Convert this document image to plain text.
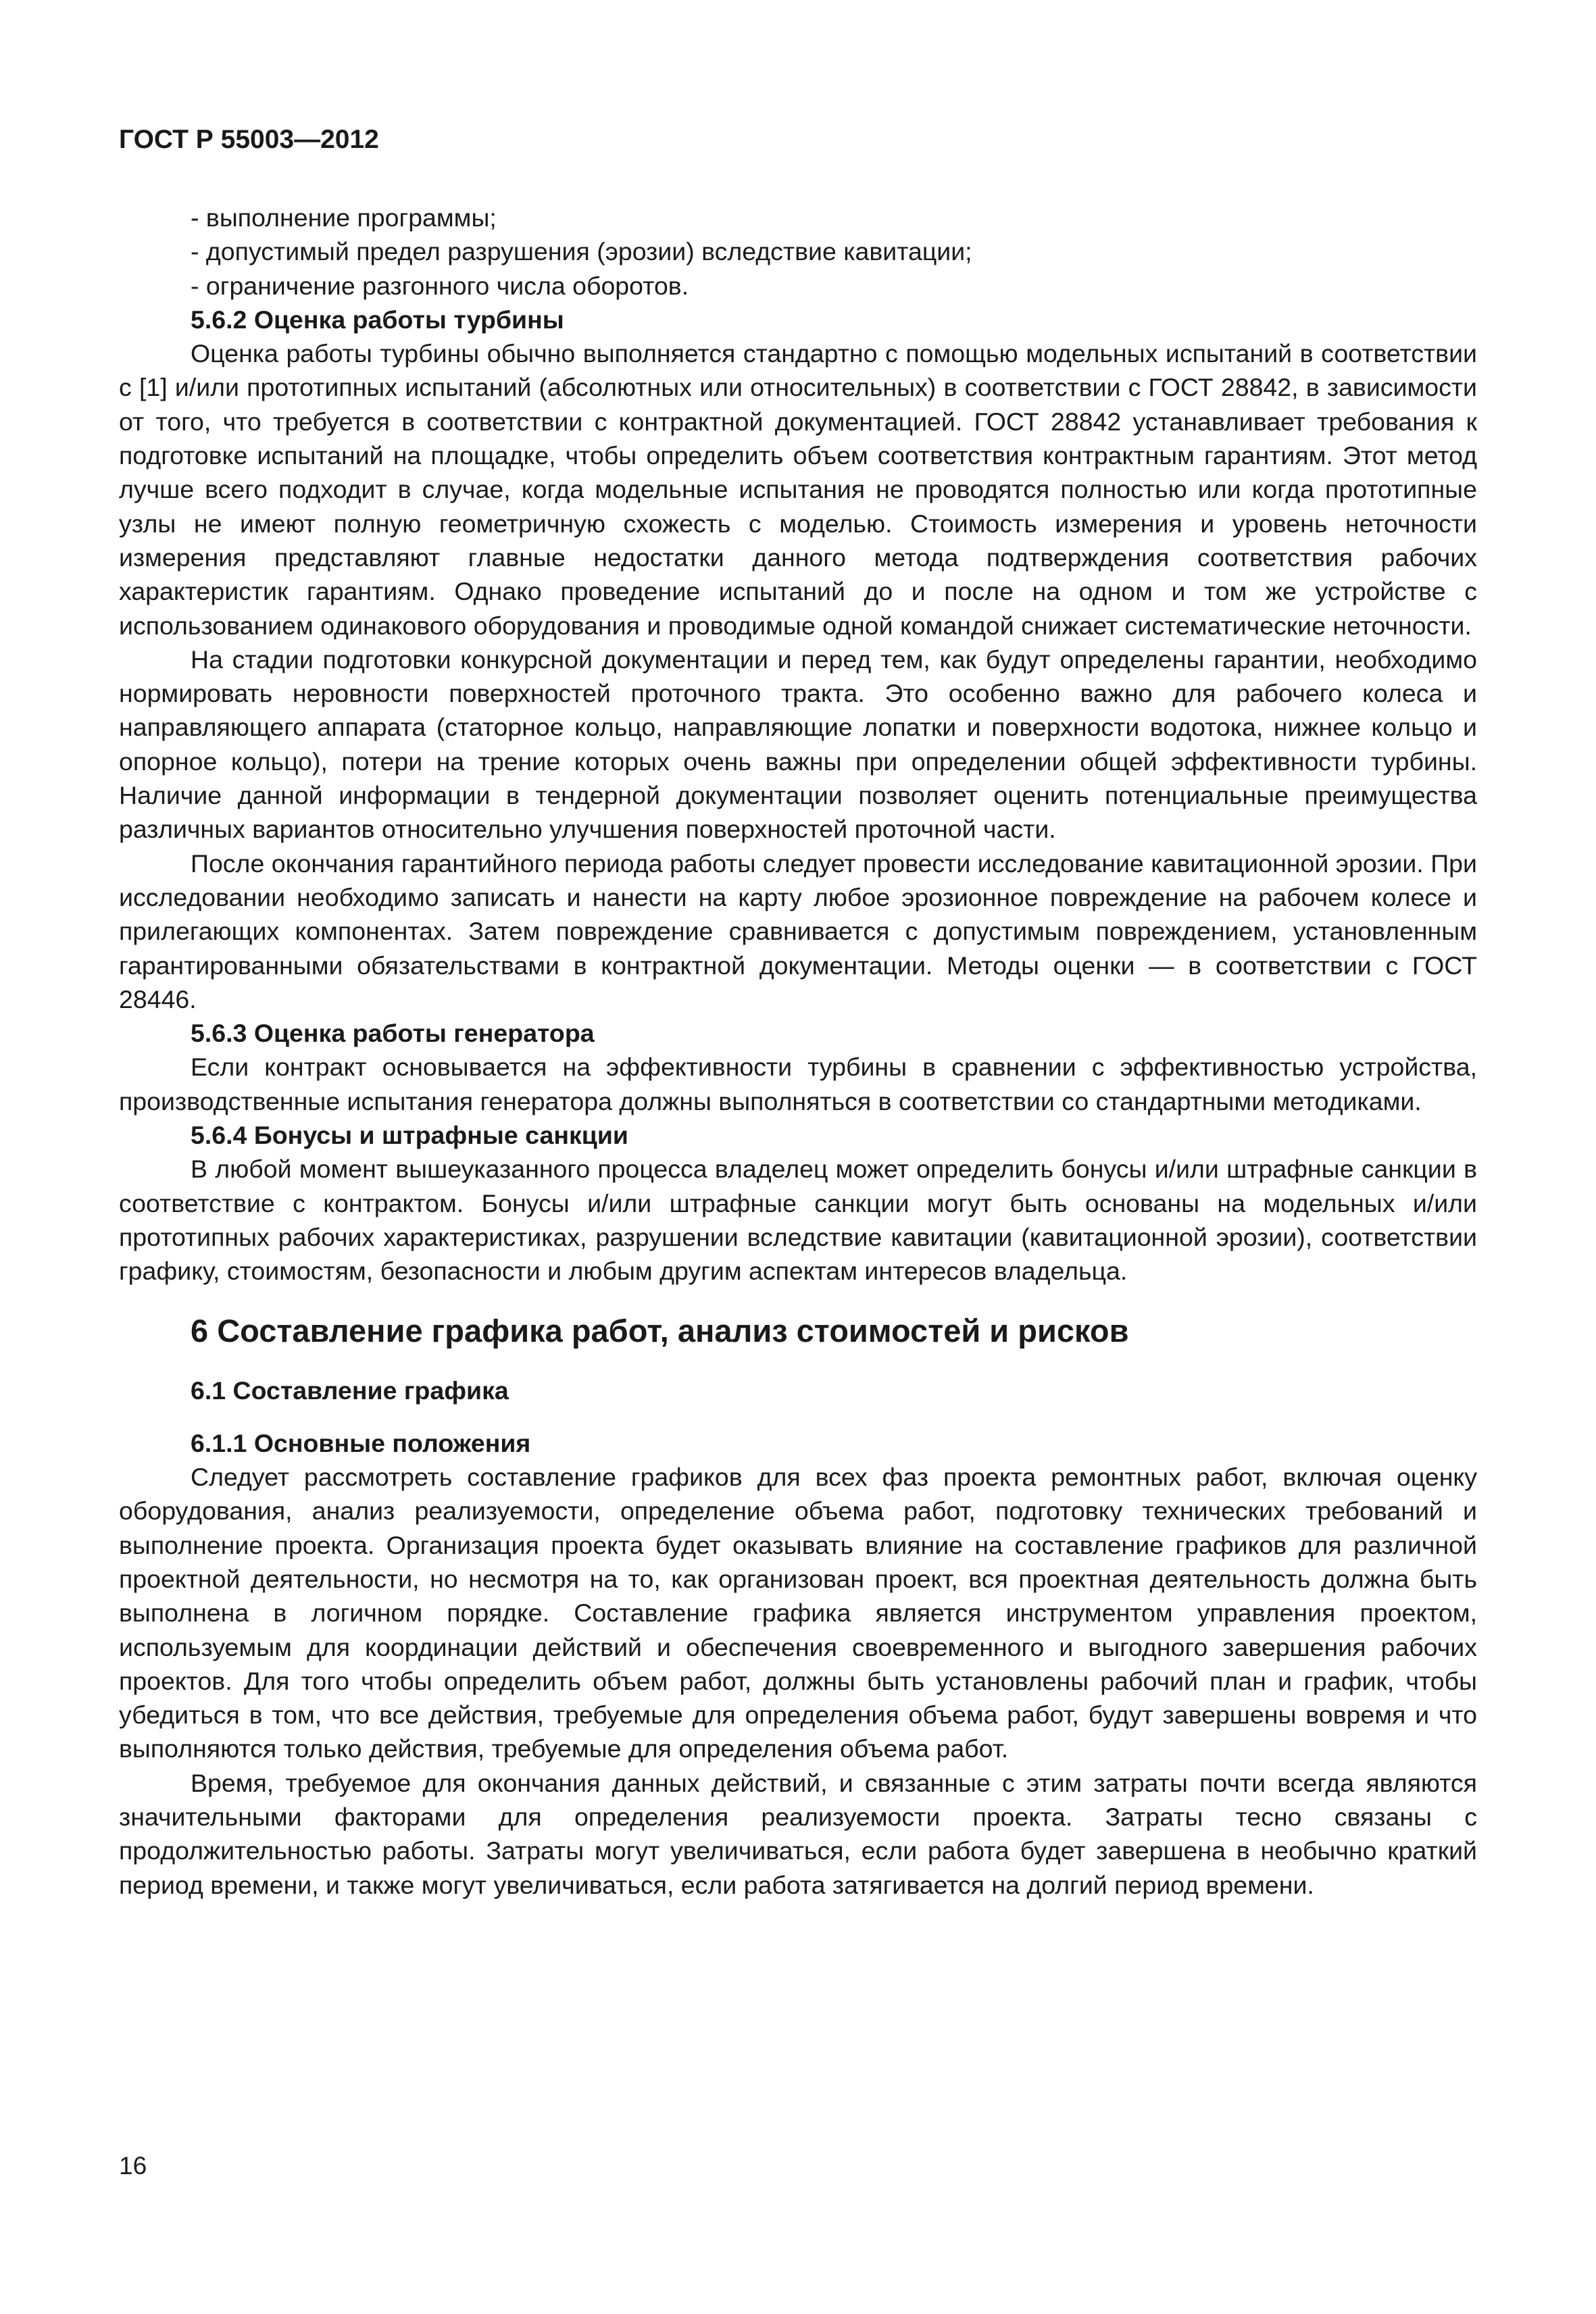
ГОСТ Р 55003—2012

- выполнение программы;

- допустимый предел разрушения (эрозии) вследствие кавитации;

- ограничение разгонного числа оборотов.

5.6.2 Оценка работы турбины

Оценка работы турбины обычно выполняется стандартно с помощью модельных испытаний в соответствии с [1] и/или прототипных испытаний (абсолютных или относительных) в соответствии с ГОСТ 28842, в зависимости от того, что требуется в соответствии с контрактной документацией. ГОСТ 28842 устанавливает требования к подготовке испытаний на площадке, чтобы определить объем соответствия контрактным гарантиям. Этот метод лучше всего подходит в случае, когда модельные испытания не проводятся полностью или когда прототипные узлы не имеют полную геометричную схожесть с моделью. Стоимость измерения и уровень неточности измерения представляют главные недостатки данного метода подтверждения соответствия рабочих характеристик гарантиям. Однако проведение испытаний до и после на одном и том же устройстве с использованием одинакового оборудования и проводимые одной командой снижает систематические неточности.

На стадии подготовки конкурсной документации и перед тем, как будут определены гарантии, необходимо нормировать неровности поверхностей проточного тракта. Это особенно важно для рабочего колеса и направляющего аппарата (статорное кольцо, направляющие лопатки и поверхности водотока, нижнее кольцо и опорное кольцо), потери на трение которых очень важны при определении общей эффективности турбины. Наличие данной информации в тендерной документации позволяет оценить потенциальные преимущества различных вариантов относительно улучшения поверхностей проточной части.

После окончания гарантийного периода работы следует провести исследование кавитационной эрозии. При исследовании необходимо записать и нанести на карту любое эрозионное повреждение на рабочем колесе и прилегающих компонентах. Затем повреждение сравнивается с допустимым повреждением, установленным гарантированными обязательствами в контрактной документации. Методы оценки — в соответствии с ГОСТ 28446.

5.6.3 Оценка работы генератора

Если контракт основывается на эффективности турбины в сравнении с эффективностью устройства, производственные испытания генератора должны выполняться в соответствии со стандартными методиками.

5.6.4 Бонусы и штрафные санкции

В любой момент вышеуказанного процесса владелец может определить бонусы и/или штрафные санкции в соответствие с контрактом. Бонусы и/или штрафные санкции могут быть основаны на модельных и/или прототипных рабочих характеристиках, разрушении вследствие кавитации (кавитационной эрозии), соответствии графику, стоимостям, безопасности и любым другим аспектам интересов владельца.

6 Составление графика работ, анализ стоимостей и рисков
6.1 Составление графика
6.1.1 Основные положения

Следует рассмотреть составление графиков для всех фаз проекта ремонтных работ, включая оценку оборудования, анализ реализуемости, определение объема работ, подготовку технических требований и выполнение проекта. Организация проекта будет оказывать влияние на составление графиков для различной проектной деятельности, но несмотря на то, как организован проект, вся проектная деятельность должна быть выполнена в логичном порядке. Составление графика является инструментом управления проектом, используемым для координации действий и обеспечения своевременного и выгодного завершения рабочих проектов. Для того чтобы определить объем работ, должны быть установлены рабочий план и график, чтобы убедиться в том, что все действия, требуемые для определения объема работ, будут завершены вовремя и что выполняются только действия, требуемые для определения объема работ.

Время, требуемое для окончания данных действий, и связанные с этим затраты почти всегда являются значительными факторами для определения реализуемости проекта. Затраты тесно связаны с продолжительностью работы. Затраты могут увеличиваться, если работа будет завершена в необычно краткий период времени, и также могут увеличиваться, если работа затягивается на долгий период времени.

16
